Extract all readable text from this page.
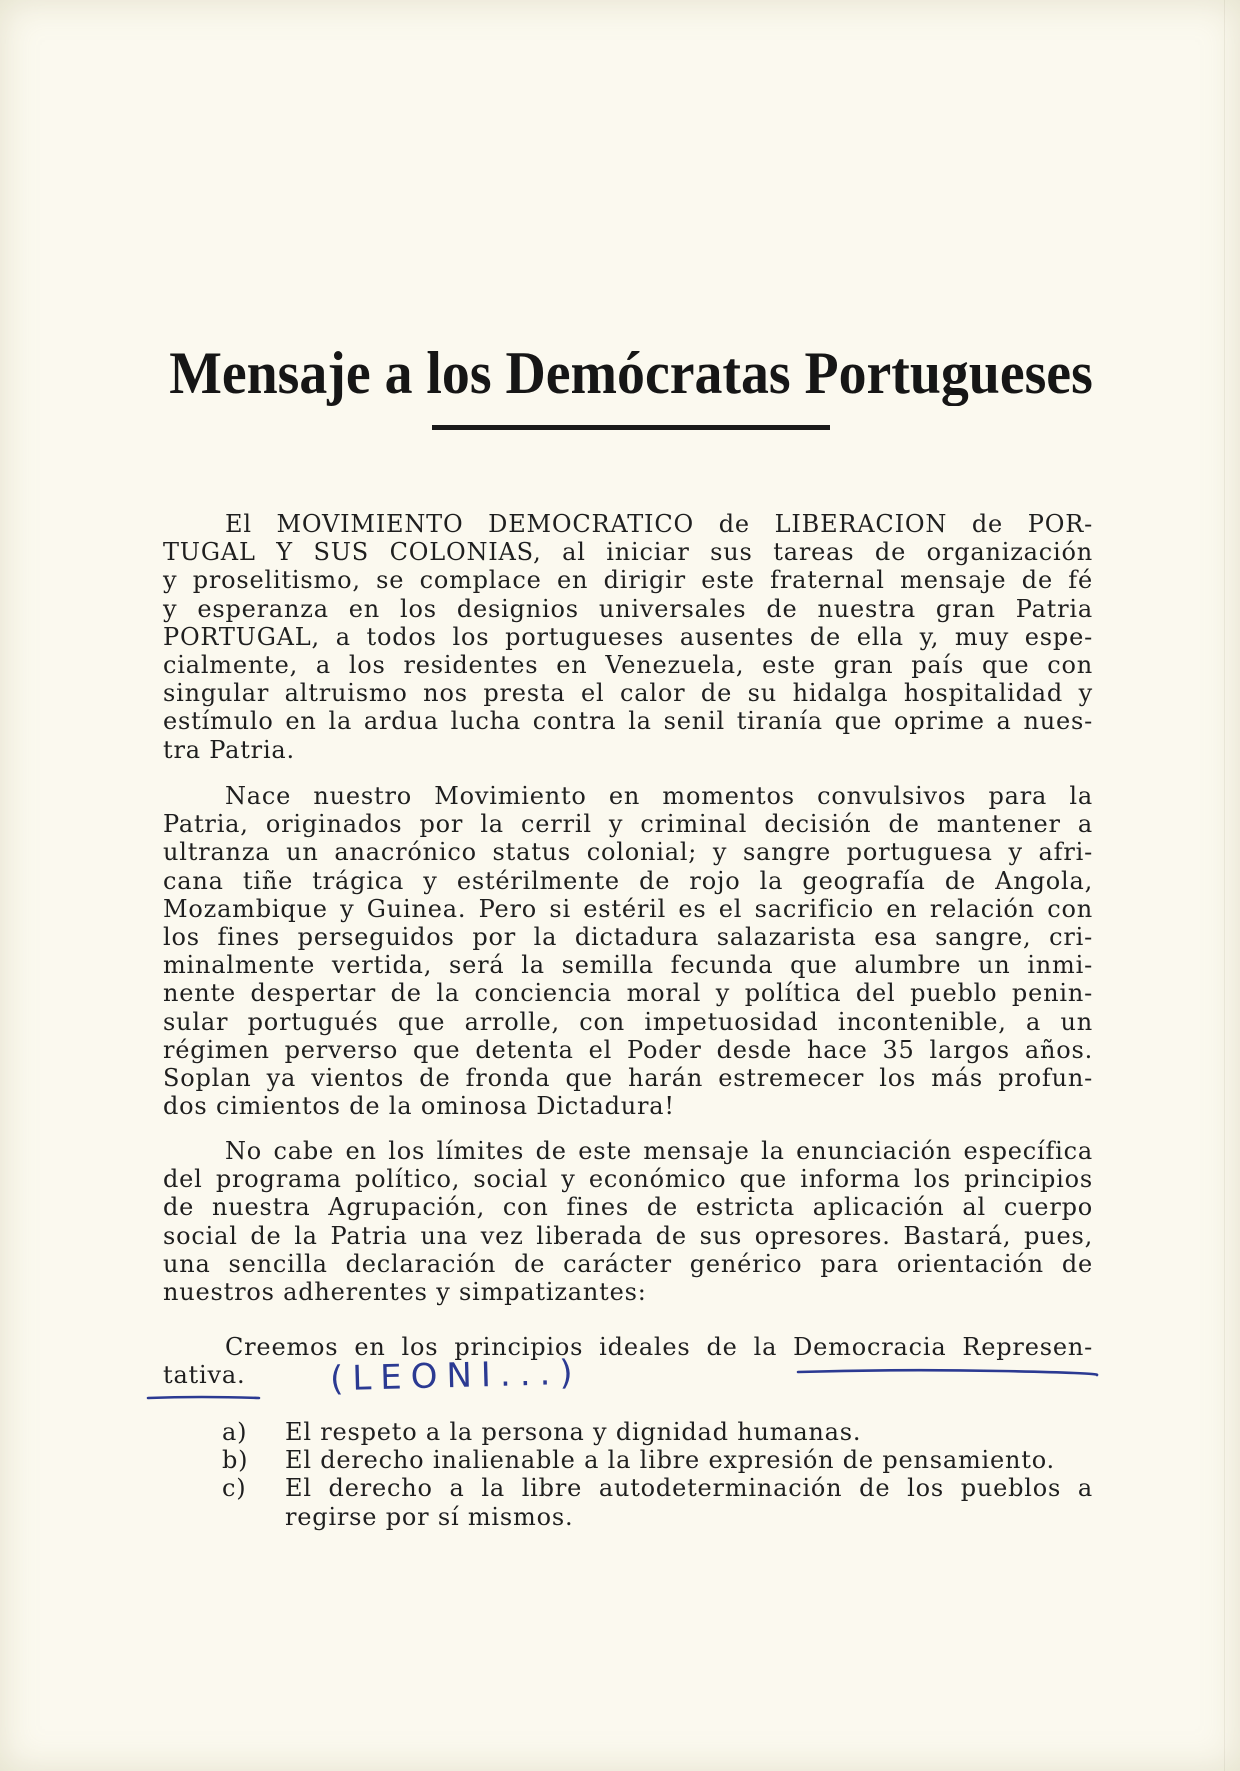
Mensaje a los Demócratas Portugueses
El MOVIMIENTO DEMOCRATICO de LIBERACION de POR-
TUGAL Y SUS COLONIAS, al iniciar sus tareas de organización
y proselitismo, se complace en dirigir este fraternal mensaje de fé
y esperanza en los designios universales de nuestra gran Patria
PORTUGAL, a todos los portugueses ausentes de ella y, muy espe-
cialmente, a los residentes en Venezuela, este gran país que con
singular altruismo nos presta el calor de su hidalga hospitalidad y
estímulo en la ardua lucha contra la senil tiranía que oprime a nues-
tra Patria.
Nace nuestro Movimiento en momentos convulsivos para la
Patria, originados por la cerril y criminal decisión de mantener a
ultranza un anacrónico status colonial; y sangre portuguesa y afri-
cana tiñe trágica y estérilmente de rojo la geografía de Angola,
Mozambique y Guinea. Pero si estéril es el sacrificio en relación con
los fines perseguidos por la dictadura salazarista esa sangre, cri-
minalmente vertida, será la semilla fecunda que alumbre un inmi-
nente despertar de la conciencia moral y política del pueblo penin-
sular portugués que arrolle, con impetuosidad incontenible, a un
régimen perverso que detenta el Poder desde hace 35 largos años.
Soplan ya vientos de fronda que harán estremecer los más profun-
dos cimientos de la ominosa Dictadura!
No cabe en los límites de este mensaje la enunciación específica
del programa político, social y económico que informa los principios
de nuestra Agrupación, con fines de estricta aplicación al cuerpo
social de la Patria una vez liberada de sus opresores. Bastará, pues,
una sencilla declaración de carácter genérico para orientación de
nuestros adherentes y simpatizantes:
Creemos en los principios ideales de la Democracia Represen-
tativa.
a)	El respeto a la persona y dignidad humanas.
b)	El derecho inalienable a la libre expresión de pensamiento.
c)	El derecho a la libre autodeterminación de los pueblos a
regirse por sí mismos.
(LEONI...)
